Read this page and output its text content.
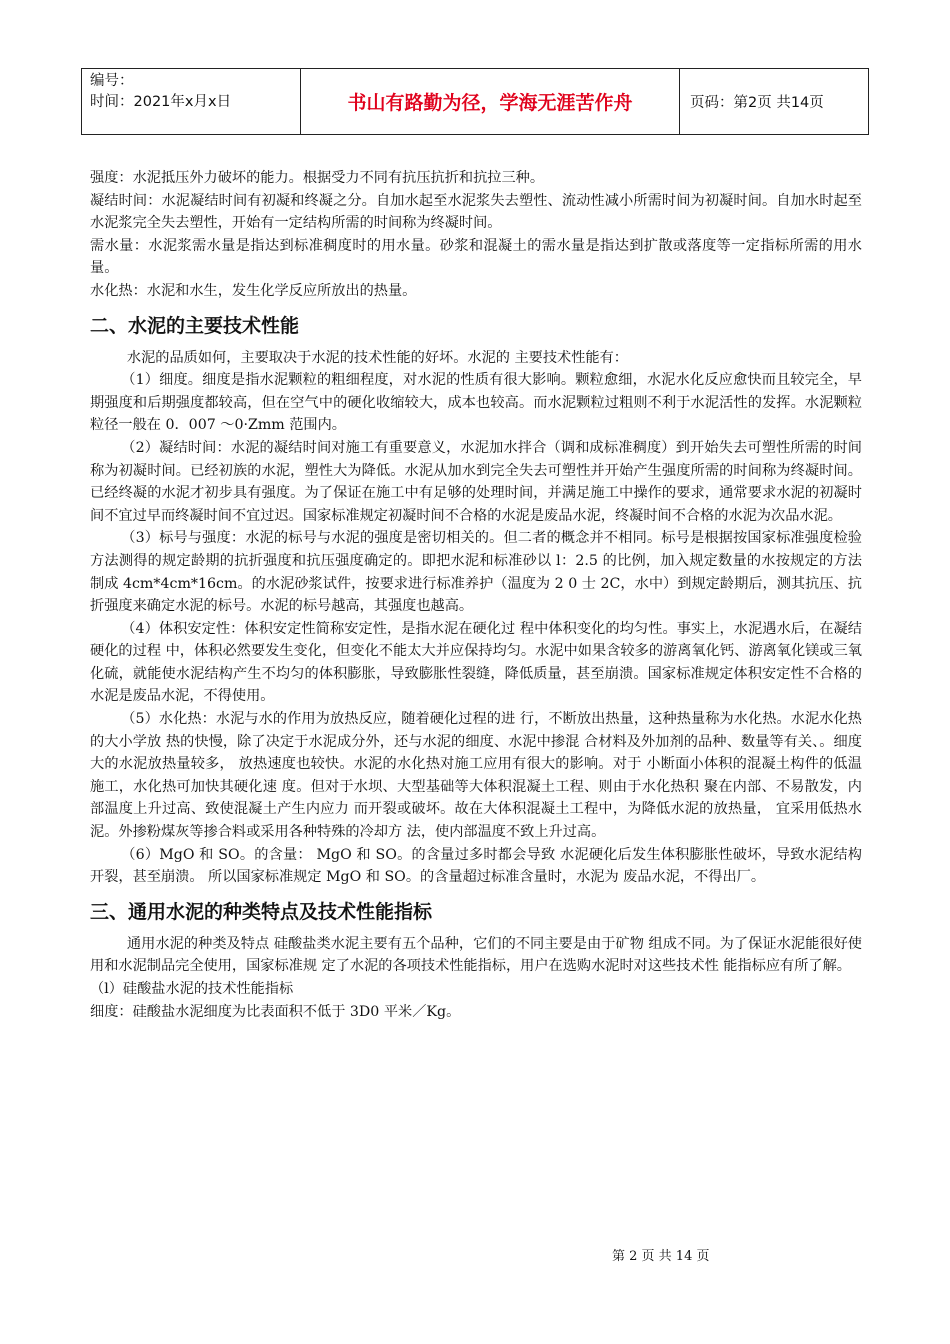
编号：
时间：2021年x月x日	书山有路勤为径，学海无涯苦作舟	页码：第2页 共14页

强度：水泥抵压外力破坏的能力。根据受力不同有抗压抗折和抗拉三种。

凝结时间：水泥凝结时间有初凝和终凝之分。自加水起至水泥浆失去塑性、流动性减小所需时间为初凝时间。自加水时起至水泥浆完全失去塑性，开始有一定结构所需的时间称为终凝时间。

需水量：水泥浆需水量是指达到标准稠度时的用水量。砂浆和混凝土的需水量是指达到扩散或落度等一定指标所需的用水量。

水化热：水泥和水生，发生化学反应所放出的热量。

二、水泥的主要技术性能

水泥的品质如何，主要取决于水泥的技术性能的好坏。水泥的 主要技术性能有：

（1）细度。细度是指水泥颗粒的粗细程度，对水泥的性质有很大影响。颗粒愈细，水泥水化反应愈快而且较完全，早期强度和后期强度都较高，但在空气中的硬化收缩较大，成本也较高。而水泥颗粒过粗则不利于水泥活性的发挥。水泥颗粒粒径一般在 0．007 ～0·Zmm 范围内。

（2）凝结时间：水泥的凝结时间对施工有重要意义，水泥加水拌合（调和成标准稠度）到开始失去可塑性所需的时间称为初凝时间。已经初族的水泥，塑性大为降低。水泥从加水到完全失去可塑性并开始产生强度所需的时间称为终凝时间。已经终凝的水泥才初步具有强度。为了保证在施工中有足够的处理时间，并满足施工中操作的要求，通常要求水泥的初凝时间不宜过早而终凝时间不宜过迟。国家标准规定初凝时间不合格的水泥是废品水泥，终凝时间不合格的水泥为次品水泥。

（3）标号与强度：水泥的标号与水泥的强度是密切相关的。但二者的概念并不相同。标号是根据按国家标准强度检验方法测得的规定龄期的抗折强度和抗压强度确定的。即把水泥和标准砂以 l：2.5 的比例，加入规定数量的水按规定的方法制成 4cm*4cm*16cm。的水泥砂浆试件，按要求进行标准养护（温度为 2 0 士 2C，水中）到规定龄期后，测其抗压、抗折强度来确定水泥的标号。水泥的标号越高，其强度也越高。

（4）体积安定性：体积安定性简称安定性，是指水泥在硬化过 程中体积变化的均匀性。事实上，水泥遇水后，在凝结硬化的过程 中，体积必然要发生变化，但变化不能太大并应保持均匀。水泥中如果含较多的游离氧化钙、游离氧化镁或三氧化硫，就能使水泥结构产生不均匀的体积膨胀，导致膨胀性裂缝，降低质量，甚至崩溃。国家标准规定体积安定性不合格的水泥是废品水泥，不得使用。

（5）水化热：水泥与水的作用为放热反应，随着硬化过程的进 行，不断放出热量，这种热量称为水化热。水泥水化热的大小学放 热的快慢，除了决定于水泥成分外，还与水泥的细度、水泥中掺混 合材料及外加剂的品种、数量等有关、。细度大的水泥放热量较多， 放热速度也较快。水泥的水化热对施工应用有很大的影响。对于 小断面小体积的混凝土构件的低温施工，水化热可加快其硬化速 度。但对于水坝、大型基础等大体积混凝土工程、则由于水化热积 聚在内部、不易散发，内部温度上升过高、致使混凝土产生内应力 而开裂或破坏。故在大体积混凝土工程中，为降低水泥的放热量， 宜采用低热水泥。外掺粉煤灰等掺合料或采用各种特殊的冷却方 法，使内部温度不致上升过高。

（6）MgO 和 SO。的含量： MgO 和 SO。的含量过多时都会导致 水泥硬化后发生体积膨胀性破坏，导致水泥结构开裂，甚至崩溃。 所以国家标准规定 MgO 和 SO。的含量超过标准含量时，水泥为 废品水泥，不得出厂。

三、通用水泥的种类特点及技术性能指标

通用水泥的种类及特点 硅酸盐类水泥主要有五个品种，它们的不同主要是由于矿物 组成不同。为了保证水泥能很好使用和水泥制品完全使用，国家标准规 定了水泥的各项技术性能指标，用户在选购水泥时对这些技术性 能指标应有所了解。

（l）硅酸盐水泥的技术性能指标

细度：硅酸盐水泥细度为比表面积不低于 3D0 平米／Kg。

第 2 页 共 14 页
